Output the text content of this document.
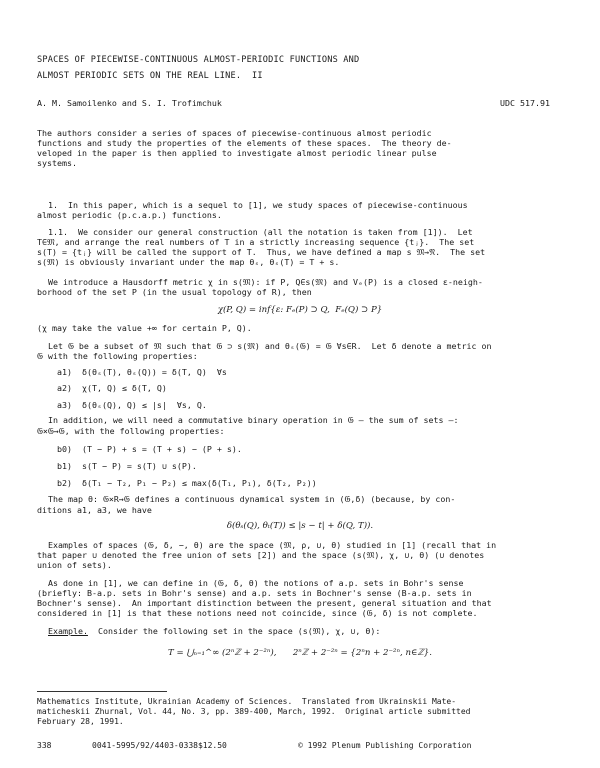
SPACES OF PIECEWISE-CONTINUOUS ALMOST-PERIODIC FUNCTIONS AND
ALMOST PERIODIC SETS ON THE REAL LINE.  II
A. M. Samoilenko and S. I. Trofimchuk	UDC 517.91
The authors consider a series of spaces of piecewise-continuous almost periodic
functions and study the properties of the elements of these spaces.  The theory de-
veloped in the paper is then applied to investigate almost periodic linear pulse
systems.
1.  In this paper, which is a sequel to [1], we study spaces of piecewise-continuous
almost periodic (p.c.a.p.) functions.
1.1.  We consider our general construction (all the notation is taken from [1]).  Let
T∈𝔐, and arrange the real numbers of T in a strictly increasing sequence {tⱼ}.  The set
s(T) = {tⱼ} will be called the support of T.  Thus, we have defined a map s 𝔐→𝔑.  The set
s(𝔐) is obviously invariant under the map θₛ, θₛ(T) = T + s.
We introduce a Hausdorff metric χ in s(𝔐): if P, Q∈s(𝔐) and Vₑ(P) is a closed ε-neigh-
borhood of the set P (in the usual topology of R), then
χ(P, Q) = inf{ε: Fₑ(P) ⊃ Q,  Fₑ(Q) ⊃ P}
(χ may take the value +∞ for certain P, Q).
Let 𝔊 be a subset of 𝔐 such that 𝔊 ⊃ s(𝔐) and θₛ(𝔊) = 𝔊 ∀s∈R.  Let δ denote a metric on
𝔊 with the following properties:
a1)  δ(θₛ(T), θₛ(Q)) = δ(T, Q)  ∀s
a2)  χ(T, Q) ≤ δ(T, Q)
a3)  δ(θₛ(Q), Q) ≤ |s|  ∀s, Q.
In addition, we will need a commutative binary operation in 𝔊 — the sum of sets —:
𝔊×𝔊→𝔊, with the following properties:
b0)  (T − P) + s = (T + s) − (P + s).
b1)  s(T − P) = s(T) ∪ s(P).
b2)  δ(T₁ − T₂, P₁ − P₂) ≤ max(δ(T₁, P₁), δ(T₂, P₂))
The map θ: 𝔊×R→𝔊 defines a continuous dynamical system in (𝔊,δ) (because, by con-
ditions a1, a3, we have
δ(θₛ(Q), θₜ(T)) ≤ |s − t| + δ(Q, T)).
Examples of spaces (𝔊, δ, −, θ) are the space (𝔐, ρ, ∪, θ) studied in [1] (recall that in
that paper ∪ denoted the free union of sets [2]) and the space (s(𝔐), χ, ∪, θ) (∪ denotes
union of sets).
As done in [1], we can define in (𝔊, δ, θ) the notions of a.p. sets in Bohr's sense
(briefly: B-a.p. sets in Bohr's sense) and a.p. sets in Bochner's sense (B-a.p. sets in
Bochner's sense).  An important distinction between the present, general situation and that
considered in [1] is that these notions need not coincide, since (𝔊, δ) is not complete.
Example.  Consider the following set in the space (s(𝔐), χ, ∪, θ):
T = ⋃ₙ₌₁^∞ (2ⁿℤ + 2⁻²ⁿ),      2ⁿℤ + 2⁻²ⁿ = {2ⁿn + 2⁻²ⁿ, n∈ℤ}.
Mathematics Institute, Ukrainian Academy of Sciences.  Translated from Ukrainskii Mate-
maticheskii Zhurnal, Vol. 44, No. 3, pp. 389-400, March, 1992.  Original article submitted
February 28, 1991.
338	0041-5995/92/4403-0338$12.50	© 1992 Plenum Publishing Corporation
